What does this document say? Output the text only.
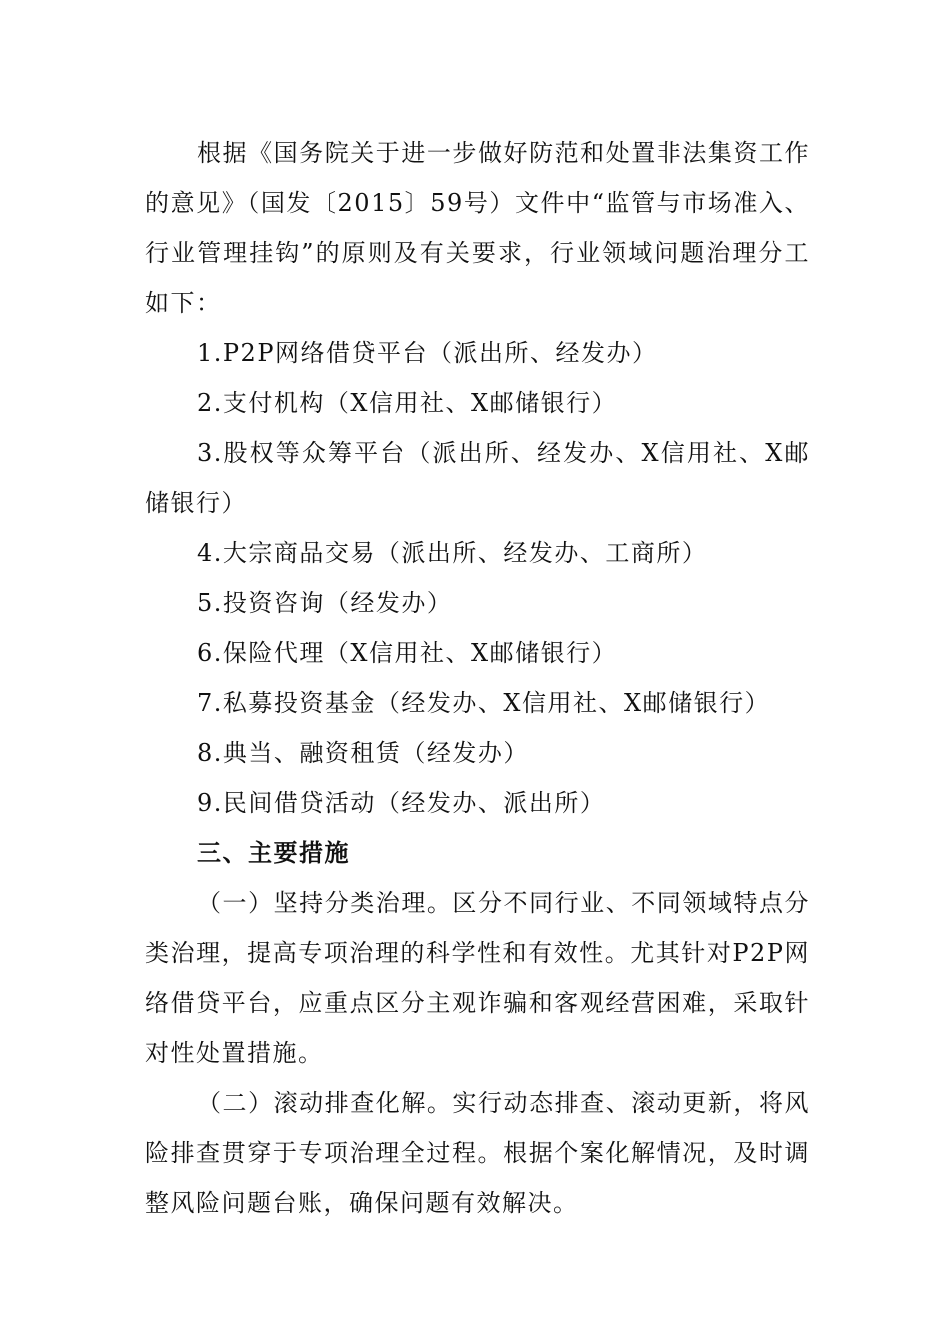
根据《国务院关于进一步做好防范和处置非法集资工作的意见》（国发〔2015〕59号）文件中“监管与市场准入、行业管理挂钩”的原则及有关要求，行业领域问题治理分工如下：

1.P2P网络借贷平台（派出所、经发办）

2.支付机构（X信用社、X邮储银行）

3.股权等众筹平台（派出所、经发办、X信用社、X邮储银行）

4.大宗商品交易（派出所、经发办、工商所）

5.投资咨询（经发办）

6.保险代理（X信用社、X邮储银行）

7.私募投资基金（经发办、X信用社、X邮储银行）

8.典当、融资租赁（经发办）

9.民间借贷活动（经发办、派出所）

三、主要措施

（一）坚持分类治理。区分不同行业、不同领域特点分类治理，提高专项治理的科学性和有效性。尤其针对P2P网络借贷平台，应重点区分主观诈骗和客观经营困难，采取针对性处置措施。

（二）滚动排查化解。实行动态排查、滚动更新，将风险排查贯穿于专项治理全过程。根据个案化解情况，及时调整风险问题台账，确保问题有效解决。
